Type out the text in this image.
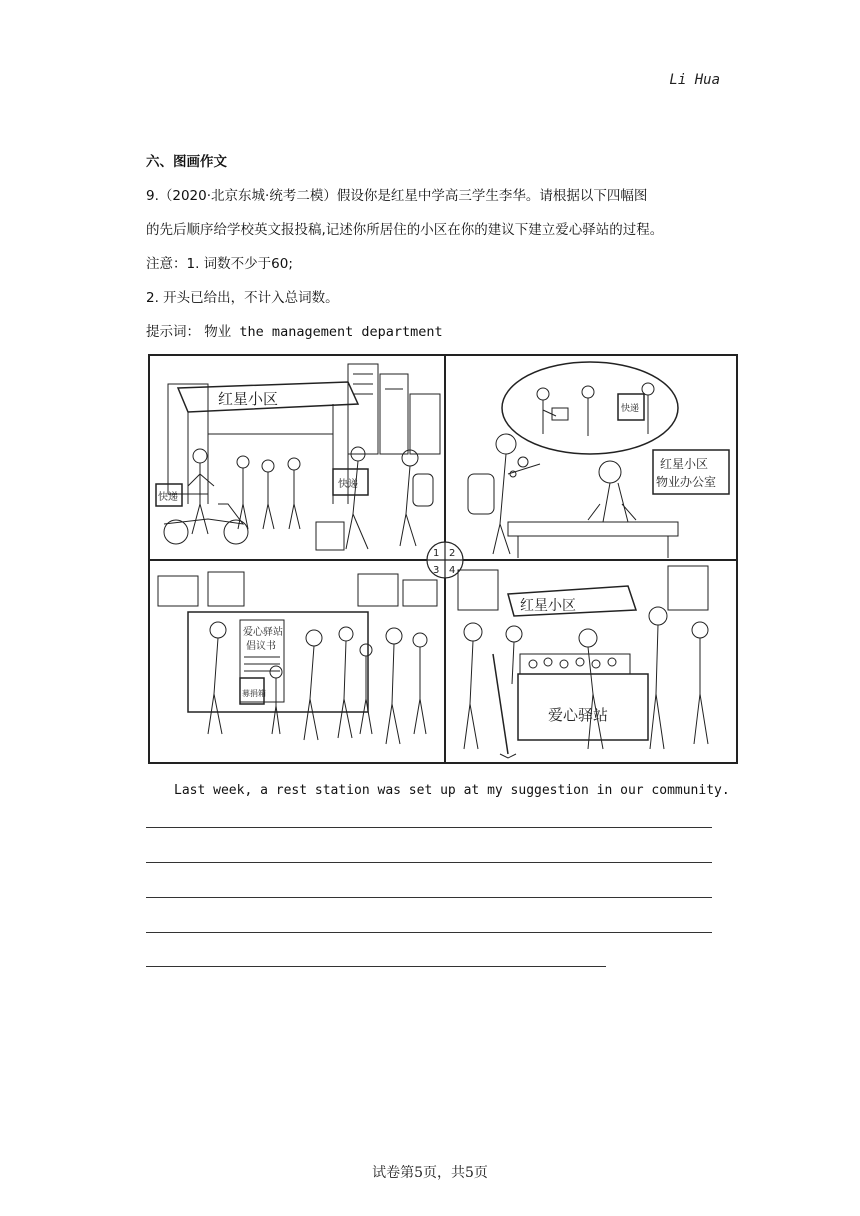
Li Hua
六、图画作文
9.（2020·北京东城·统考二模）假设你是红星中学高三学生李华。请根据以下四幅图
的先后顺序给学校英文报投稿,记述你所居住的小区在你的建议下建立爱心驿站的过程。
注意：1. 词数不少于60;
2. 开头已给出，不计入总词数。
提示词： 物业 the management department
红星小区
快递
快递
快递
红星小区
物业办公室
1 2
3 4
爱心驿站
倡议书
募捐箱
红星小区
爱心驿站
Last week, a rest station was set up at my suggestion in our community.
试卷第5页，共5页
